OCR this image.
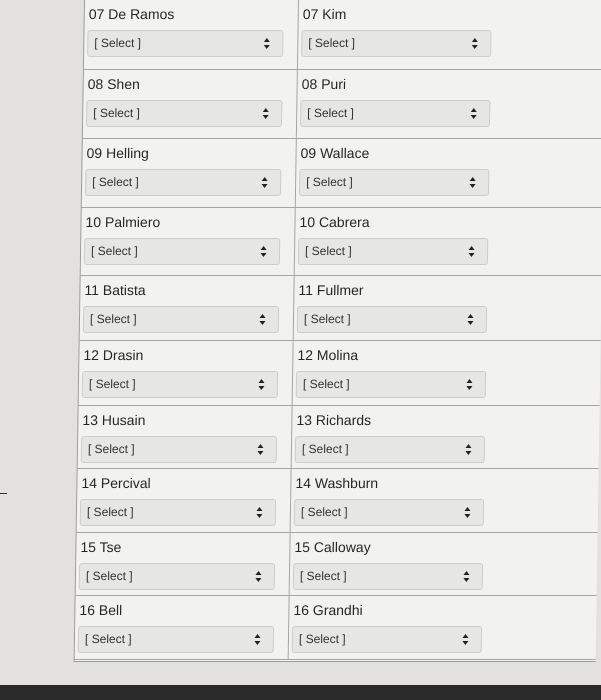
07 De Ramos
[ Select ]
07 Kim
[ Select ]
08 Shen
[ Select ]
08 Puri
[ Select ]
09 Helling
[ Select ]
09 Wallace
[ Select ]
10 Palmiero
[ Select ]
10 Cabrera
[ Select ]
11 Batista
[ Select ]
11 Fullmer
[ Select ]
12 Drasin
[ Select ]
12 Molina
[ Select ]
13 Husain
[ Select ]
13 Richards
[ Select ]
14 Percival
[ Select ]
14 Washburn
[ Select ]
15 Tse
[ Select ]
15 Calloway
[ Select ]
16 Bell
[ Select ]
16 Grandhi
[ Select ]
